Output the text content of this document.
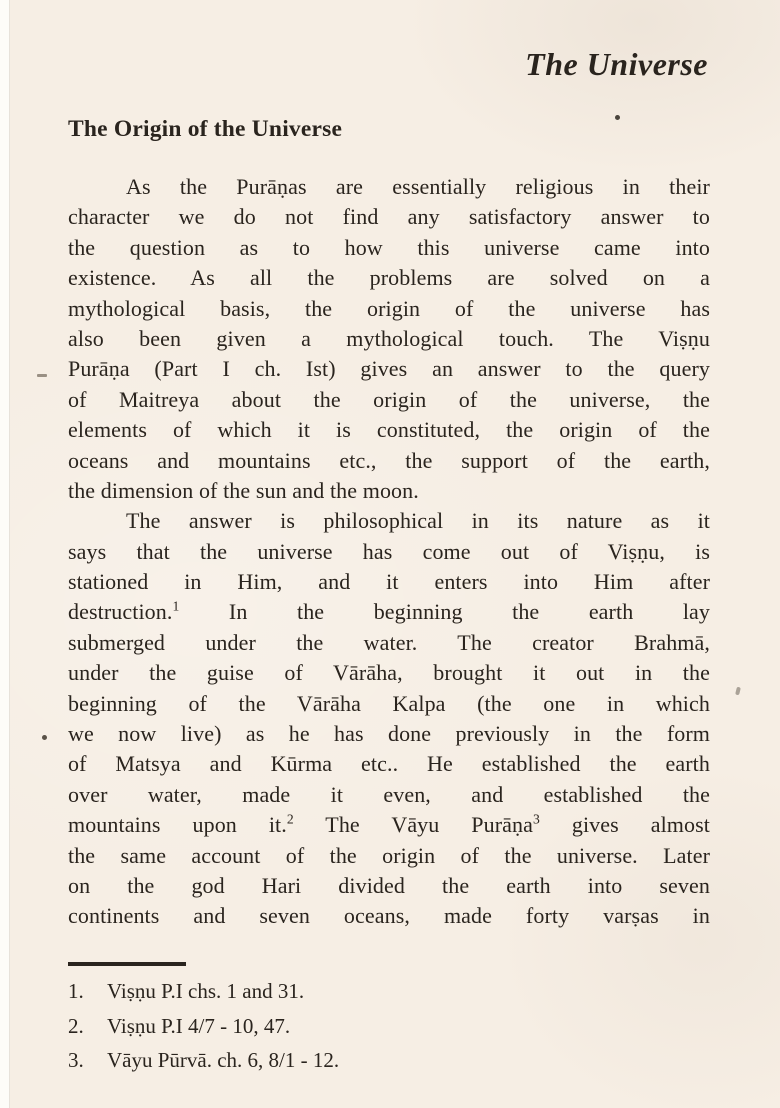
The Universe
The Origin of the Universe

As the Purāṇas are essentially religious in their
character we do not find any satisfactory answer to
the question as to how this universe came into
existence. As all the problems are solved on a
mythological basis, the origin of the universe has
also been given a mythological touch. The Viṣṇu
Purāṇa (Part I ch. Ist) gives an answer to the query
of Maitreya about the origin of the universe, the
elements of which it is constituted, the origin of the
oceans and mountains etc., the support of the earth,
the dimension of the sun and the moon.

The answer is philosophical in its nature as it
says that the universe has come out of Viṣṇu, is
stationed in Him, and it enters into Him after
destruction.$^1$ In the beginning the earth lay
submerged under the water. The creator Brahmā,
under the guise of Vārāha, brought it out in the
beginning of the Vārāha Kalpa (the one in which
we now live) as he has done previously in the form
of Matsya and Kūrma etc.. He established the earth
over water, made it even, and established the
mountains upon it.$^2$ The Vāyu Purāṇa$^3$ gives almost
the same account of the origin of the universe. Later
on the god Hari divided the earth into seven
continents and seven oceans, made forty varṣas in

1.	Viṣṇu P.I chs. 1 and 31.
2.	Viṣṇu P.I 4/7 - 10, 47.
3.	Vāyu Pūrvā. ch. 6, 8/1 - 12.
